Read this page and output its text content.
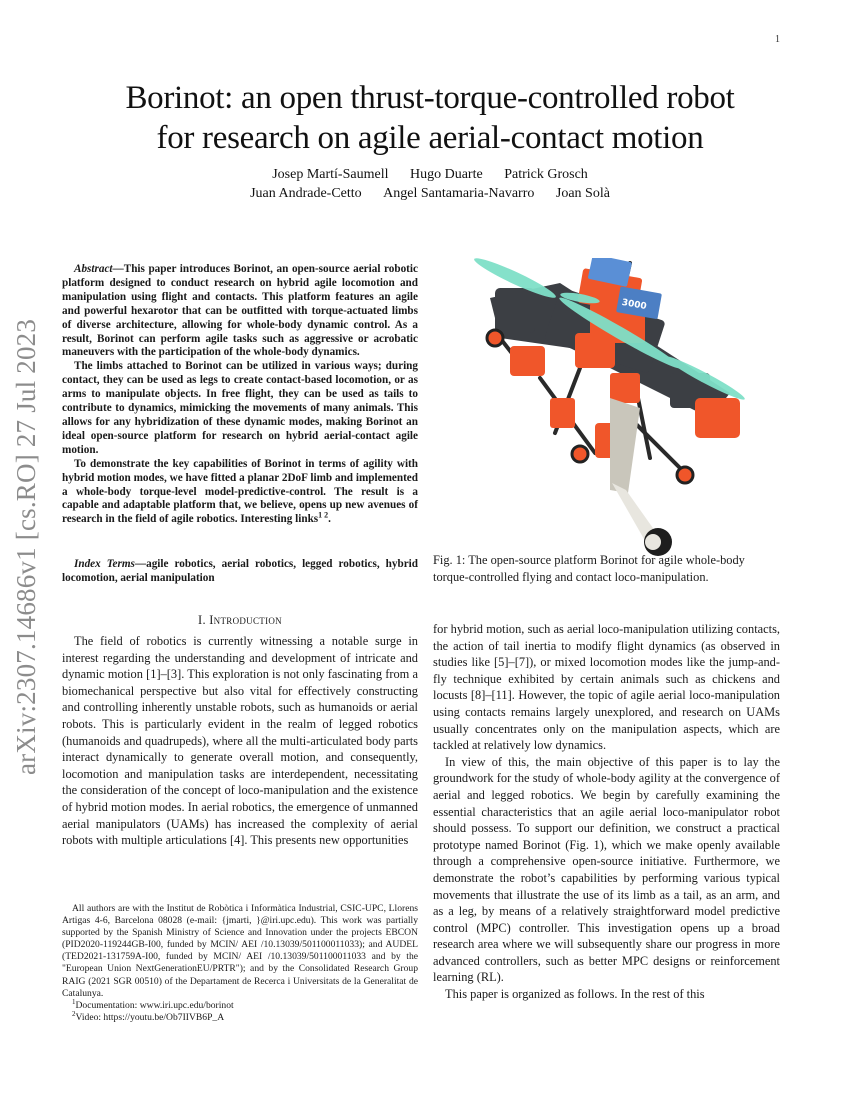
1
arXiv:2307.14686v1 [cs.RO] 27 Jul 2023
Borinot: an open thrust-torque-controlled robot
for research on agile aerial-contact motion
Josep Martí-Saumell Hugo Duarte Patrick Grosch
Juan Andrade-Cetto Angel Santamaria-Navarro Joan Solà

Abstract—This paper introduces Borinot, an open-source aerial robotic platform designed to conduct research on hybrid agile locomotion and manipulation using flight and contacts. This platform features an agile and powerful hexarotor that can be outfitted with torque-actuated limbs of diverse architecture, allowing for whole-body dynamic control. As a result, Borinot can perform agile tasks such as aggressive or acrobatic maneuvers with the participation of the whole-body dynamics.

The limbs attached to Borinot can be utilized in various ways; during contact, they can be used as legs to create contact-based locomotion, or as arms to manipulate objects. In free flight, they can be used as tails to contribute to dynamics, mimicking the movements of many animals. This allows for any hybridization of these dynamic modes, making Borinot an ideal open-source platform for research on hybrid aerial-contact agile motion.

To demonstrate the key capabilities of Borinot in terms of agility with hybrid motion modes, we have fitted a planar 2DoF limb and implemented a whole-body torque-level model-predictive-control. The result is a capable and adaptable platform that, we believe, opens up new avenues of research in the field of agile robotics. Interesting links$^{1 2}$.

Index Terms—agile robotics, aerial robotics, legged robotics, hybrid locomotion, aerial manipulation

I. Introduction

The field of robotics is currently witnessing a notable surge in interest regarding the understanding and development of intricate and dynamic motion [1]–[3]. This exploration is not only fascinating from a biomechanical perspective but also vital for effectively constructing and controlling inherently unstable robots, such as humanoids or aerial robots. This is particularly evident in the realm of legged robotics (humanoids and quadrupeds), where all the multi-articulated body parts interact dynamically to generate overall motion, and consequently, locomotion and manipulation tasks are interdependent, necessitating the consideration of the concept of loco-manipulation and the existence of hybrid motion modes. In aerial robotics, the emergence of unmanned aerial manipulators (UAMs) has increased the complexity of aerial robots with multiple articulations [4]. This presents new opportunities

All authors are with the Institut de Robòtica i Informàtica Industrial, CSIC-UPC, Llorens Artigas 4-6, Barcelona 08028 (e-mail: {jmarti, }@iri.upc.edu). This work was partially supported by the Spanish Ministry of Science and Innovation under the projects EBCON (PID2020-119244GB-I00, funded by MCIN/ AEI /10.13039/501100011033); and AUDEL (TED2021-131759A-I00, funded by MCIN/ AEI /10.13039/501100011033 and by the "European Union NextGenerationEU/PRTR"); and by the Consolidated Research Group RAIG (2021 SGR 00510) of the Departament de Recerca i Universitats de la Generalitat de Catalunya.

$^1$Documentation: www.iri.upc.edu/borinot

$^2$Video: https://youtu.be/Ob7IIVB6P_A

3000
Fig. 1: The open-source platform Borinot for agile whole-body torque-controlled flying and contact loco-manipulation.

for hybrid motion, such as aerial loco-manipulation utilizing contacts, the action of tail inertia to modify flight dynamics (as observed in studies like [5]–[7]), or mixed locomotion modes like the jump-and-fly technique exhibited by certain animals such as chickens and locusts [8]–[11]. However, the topic of agile aerial loco-manipulation using contacts remains largely unexplored, and research on UAMs usually concentrates only on the manipulation aspects, which are tackled at relatively low dynamics.

In view of this, the main objective of this paper is to lay the groundwork for the study of whole-body agility at the convergence of aerial and legged robotics. We begin by carefully examining the essential characteristics that an agile aerial loco-manipulator robot should possess. To support our definition, we construct a practical prototype named Borinot (Fig. 1), which we make openly available through a comprehensive open-source initiative. Furthermore, we demonstrate the robot’s capabilities by performing various typical movements that illustrate the use of its limb as a tail, as an arm, and as a leg, by means of a relatively straightforward model predictive control (MPC) controller. This investigation opens up a broad research area where we will subsequently share our progress in more advanced controllers, such as better MPC designs or reinforcement learning (RL).

This paper is organized as follows. In the rest of this
